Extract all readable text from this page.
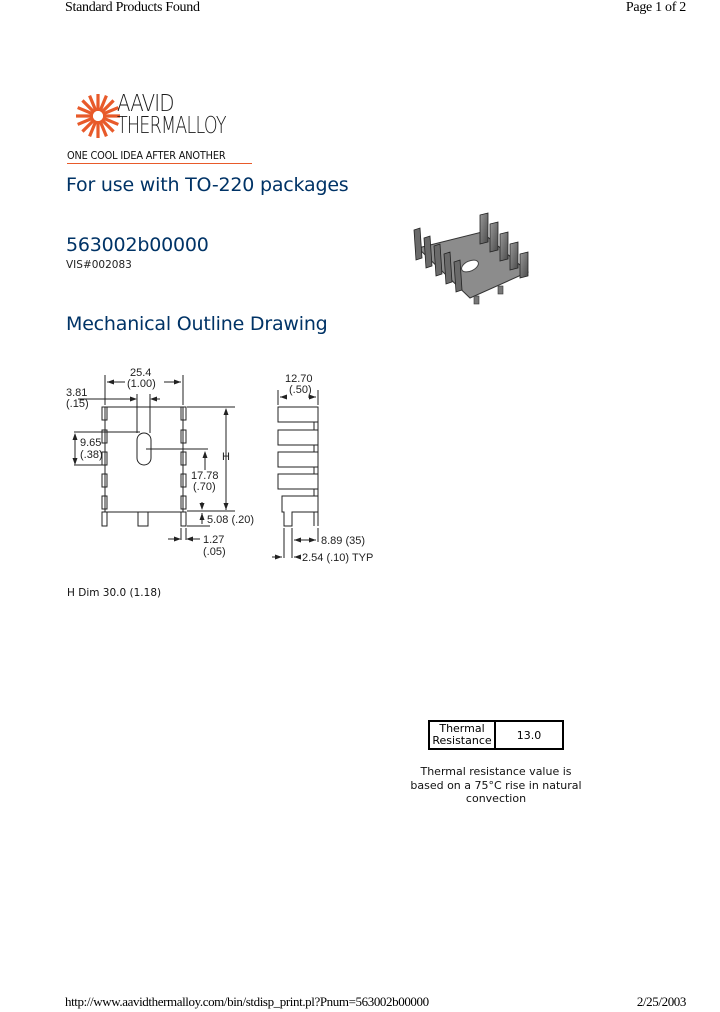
Standard Products Found	Page 1 of 2
AAVID
THERMALLOY
ONE COOL IDEA AFTER ANOTHER
For use with TO-220 packages
563002b00000
VIS#002083
Mechanical Outline Drawing
25.4
(1.00)
3.81
(.15)
9.65
(.38)	H
17.78
(.70)
5.08 (.20)
1.27
(.05)
12.70
(.50)
8.89 (35)
2.54 (.10) TYP
H Dim 30.0 (1.18)
Thermal
Resistance	13.0
Thermal resistance value is based on a 75°C rise in natural convection
http://www.aavidthermalloy.com/bin/stdisp_print.pl?Pnum=563002b00000	2/25/2003
